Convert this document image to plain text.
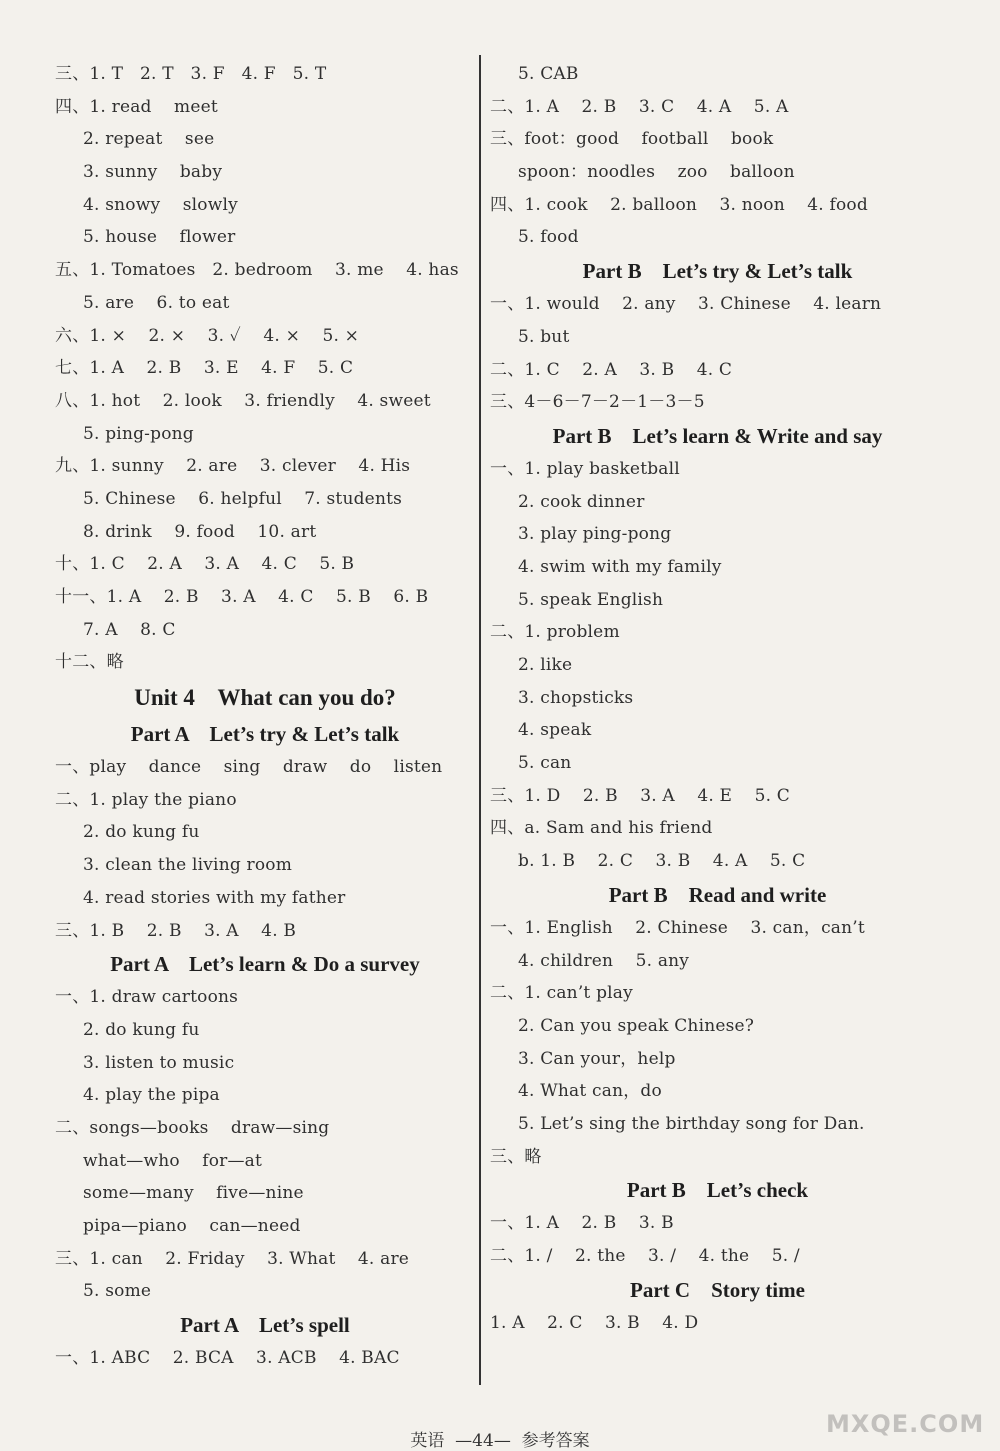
三、1. T   2. T   3. F   4. F   5. T
四、1. read    meet
2. repeat    see
3. sunny    baby
4. snowy    slowly
5. house    flower
五、1. Tomatoes   2. bedroom    3. me    4. has
5. are    6. to eat
六、1. ×    2. ×    3. ✓    4. ×    5. ×
七、1. A    2. B    3. E    4. F    5. C
八、1. hot    2. look    3. friendly    4. sweet
5. ping-pong
九、1. sunny    2. are    3. clever    4. His
5. Chinese    6. helpful    7. students
8. drink    9. food    10. art
十、1. C    2. A    3. A    4. C    5. B
十一、1. A    2. B    3. A    4. C    5. B    6. B
7. A    8. C
十二、略
Unit 4    What can you do?
Part A    Let’s try & Let’s talk
一、play    dance    sing    draw    do    listen
二、1. play the piano
2. do kung fu
3. clean the living room
4. read stories with my father
三、1. B    2. B    3. A    4. B
Part A    Let’s learn & Do a survey
一、1. draw cartoons
2. do kung fu
3. listen to music
4. play the pipa
二、songs—books    draw—sing
what—who    for—at
some—many    five—nine
pipa—piano    can—need
三、1. can    2. Friday    3. What    4. are
5. some
Part A    Let’s spell
一、1. ABC    2. BCA    3. ACB    4. BAC
5. CAB
二、1. A    2. B    3. C    4. A    5. A
三、foot：good    football    book
spoon：noodles    zoo    balloon
四、1. cook    2. balloon    3. noon    4. food
5. food
Part B    Let’s try & Let’s talk
一、1. would    2. any    3. Chinese    4. learn
5. but
二、1. C    2. A    3. B    4. C
三、4－6－7－2－1－3－5
Part B    Let’s learn & Write and say
一、1. play basketball
2. cook dinner
3. play ping-pong
4. swim with my family
5. speak English
二、1. problem
2. like
3. chopsticks
4. speak
5. can
三、1. D    2. B    3. A    4. E    5. C
四、a. Sam and his friend
b. 1. B    2. C    3. B    4. A    5. C
Part B    Read and write
一、1. English    2. Chinese    3. can，can’t
4. children    5. any
二、1. can’t play
2. Can you speak Chinese?
3. Can your，help
4. What can，do
5. Let’s sing the birthday song for Dan.
三、略
Part B    Let’s check
一、1. A    2. B    3. B
二、1. /    2. the    3. /    4. the    5. /
Part C    Story time
1. A    2. C    3. B    4. D
英语  —44—  参考答案
MXQE.COM
